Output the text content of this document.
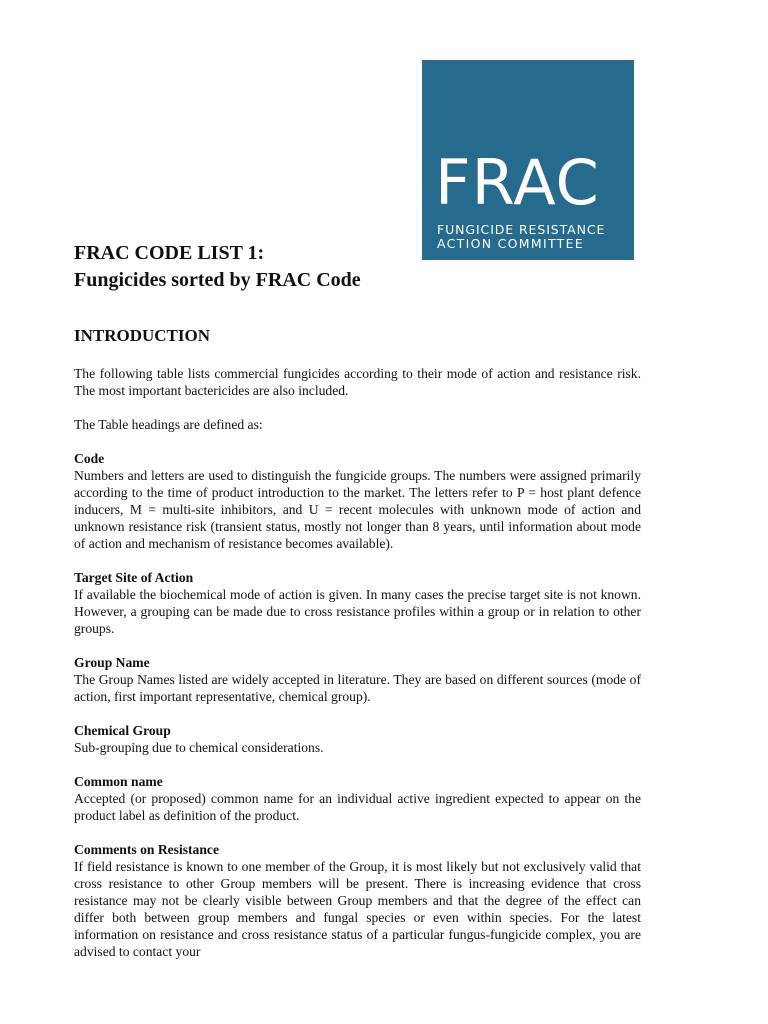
FRAC
FUNGICIDE RESISTANCE
ACTION COMMITTEE
FRAC CODE LIST 1:
Fungicides sorted by FRAC Code
INTRODUCTION

The following table lists commercial fungicides according to their mode of action and resistance risk. The most important bactericides are also included.

The Table headings are defined as:

Code
Numbers and letters are used to distinguish the fungicide groups. The numbers were assigned primarily according to the time of product introduction to the market. The letters refer to P = host plant defence inducers, M = multi-site inhibitors, and U = recent molecules with unknown mode of action and unknown resistance risk (transient status, mostly not longer than 8 years, until information about mode of action and mechanism of resistance becomes available).
Target Site of Action
If available the biochemical mode of action is given. In many cases the precise target site is not known. However, a grouping can be made due to cross resistance profiles within a group or in relation to other groups.
Group Name
The Group Names listed are widely accepted in literature. They are based on different sources (mode of action, first important representative, chemical group).
Chemical Group
Sub-grouping due to chemical considerations.
Common name
Accepted (or proposed) common name for an individual active ingredient expected to appear on the product label as definition of the product.
Comments on Resistance
If field resistance is known to one member of the Group, it is most likely but not exclusively valid that cross resistance to other Group members will be present. There is increasing evidence that cross resistance may not be clearly visible between Group members and that the degree of the effect can differ both between group members and fungal species or even within species. For the latest information on resistance and cross resistance status of a particular fungus-fungicide complex, you are advised to contact your
